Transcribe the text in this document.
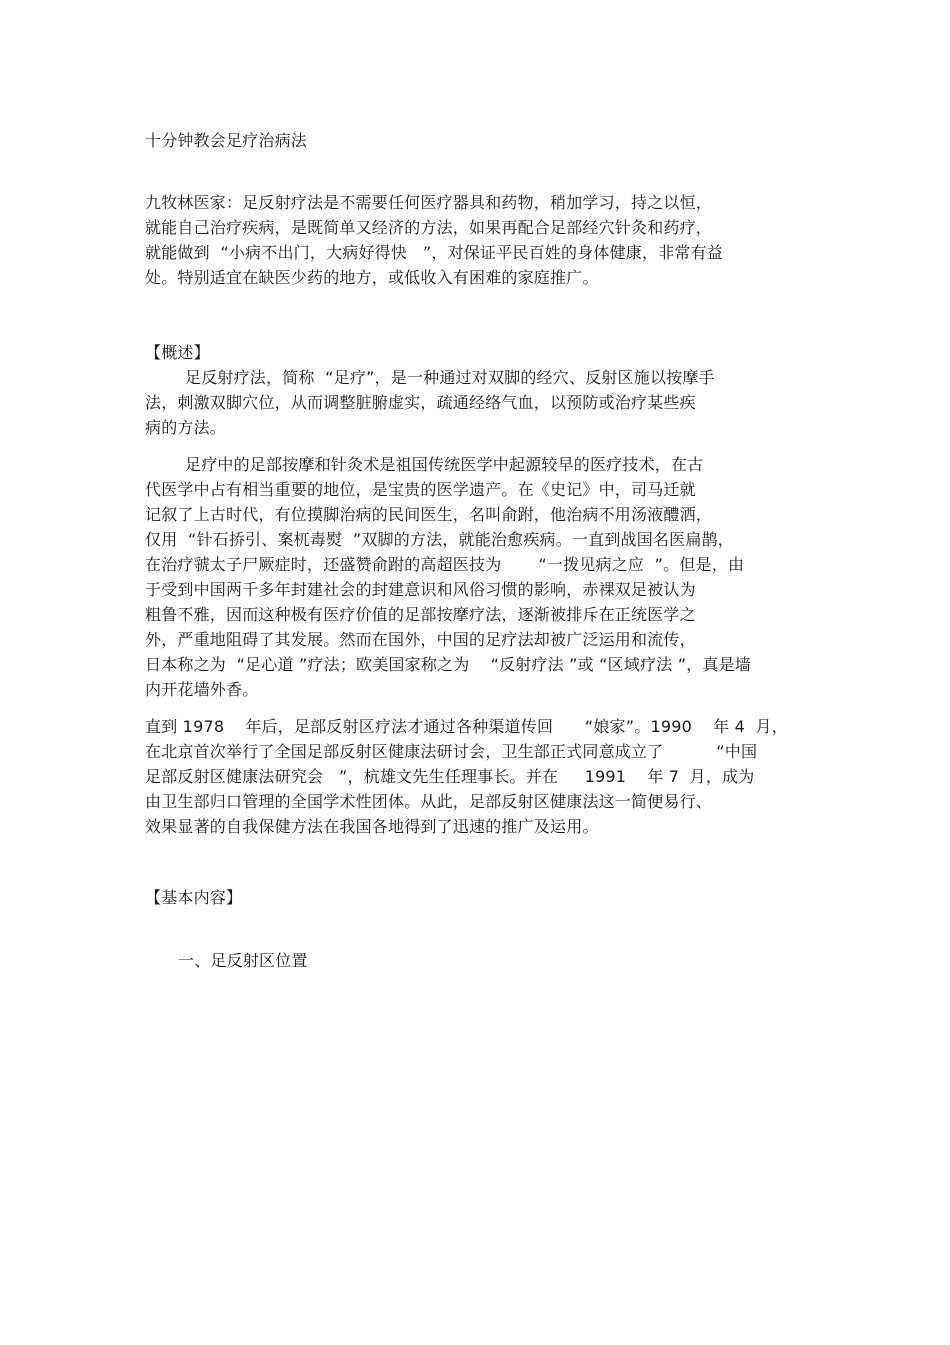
十分钟教会足疗治病法
九牧林医家：足反射疗法是不需要任何医疗器具和药物，稍加学习，持之以恒，
就能自己治疗疾病，是既简单又经济的方法，如果再配合足部经穴针灸和药疗，
就能做到  “小病不出门，大病好得快   ”，对保证平民百姓的身体健康，非常有益
处。特别适宜在缺医少药的地方，或低收入有困难的家庭推广。
【概述】
足反射疗法，简称  “足疗”，是一种通过对双脚的经穴、反射区施以按摩手
法，刺激双脚穴位，从而调整脏腑虚实，疏通经络气血，以预防或治疗某些疾
病的方法。
足疗中的足部按摩和针灸术是祖国传统医学中起源较早的医疗技术，在古
代医学中占有相当重要的地位，是宝贵的医学遗产。在《史记》中，司马迁就
记叙了上古时代，有位摸脚治病的民间医生，名叫俞跗，他治病不用汤液醴洒，
仅用  “针石挢引、案杌毒熨  ”双脚的方法，就能治愈疾病。一直到战国名医扁鹊，
在治疗虢太子尸厥症时，还盛赞俞跗的高超医技为       “一拨见病之应  ”。但是，由
于受到中国两千多年封建社会的封建意识和风俗习惯的影响，赤裸双足被认为
粗鲁不雅，因而这种极有医疗价值的足部按摩疗法，逐渐被排斥在正统医学之
外，严重地阻碍了其发展。然而在国外，中国的足疗法却被广泛运用和流传，
日本称之为  “足心道 ”疗法；欧美国家称之为    “反射疗法 ”或 “区域疗法 ”，真是墙
内开花墙外香。
直到 1978    年后，足部反射区疗法才通过各种渠道传回      “娘家”。1990    年 4  月，
在北京首次举行了全国足部反射区健康法研讨会，卫生部正式同意成立了          “中国
足部反射区健康法研究会   ”，杭雄文先生任理事长。并在     1991    年 7  月，成为
由卫生部归口管理的全国学术性团体。从此，足部反射区健康法这一简便易行、
效果显著的自我保健方法在我国各地得到了迅速的推广及运用。
【基本内容】
一、足反射区位置
